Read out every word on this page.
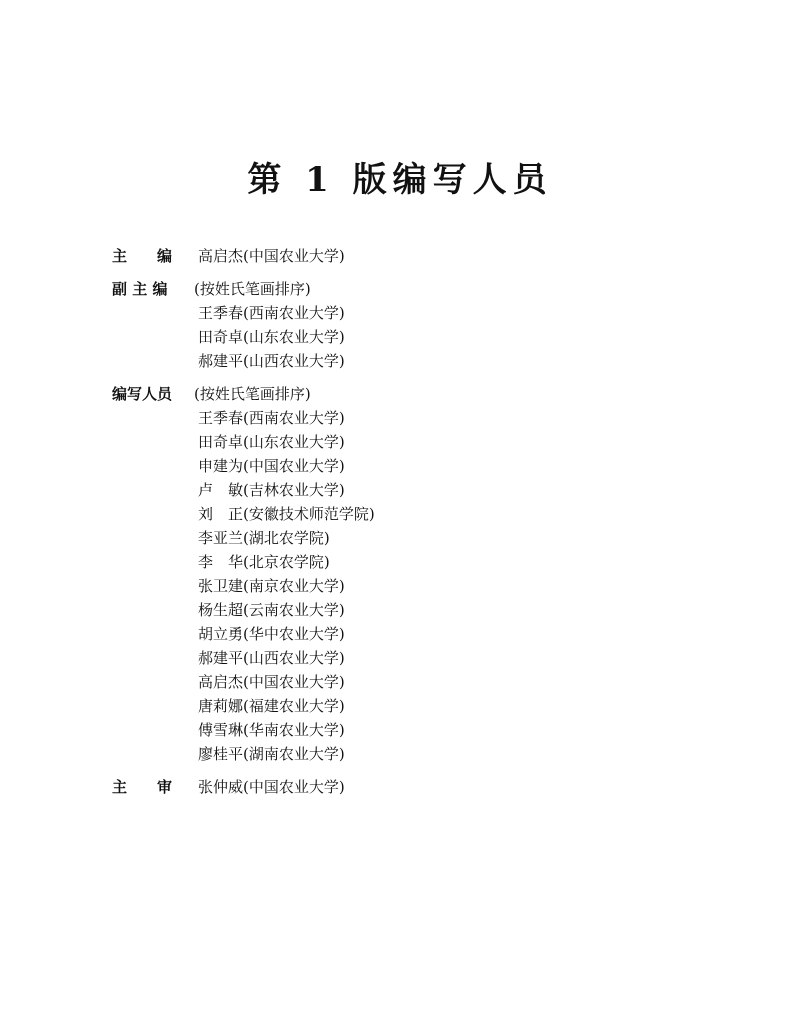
第 1 版编写人员
主　　编	高启杰(中国农业大学)
副 主 编	(按姓氏笔画排序)
王季春(西南农业大学)
田奇卓(山东农业大学)
郝建平(山西农业大学)
编写人员	(按姓氏笔画排序)
王季春(西南农业大学)
田奇卓(山东农业大学)
申建为(中国农业大学)
卢　敏(吉林农业大学)
刘　正(安徽技术师范学院)
李亚兰(湖北农学院)
李　华(北京农学院)
张卫建(南京农业大学)
杨生超(云南农业大学)
胡立勇(华中农业大学)
郝建平(山西农业大学)
高启杰(中国农业大学)
唐莉娜(福建农业大学)
傅雪琳(华南农业大学)
廖桂平(湖南农业大学)
主　　审	张仲威(中国农业大学)
